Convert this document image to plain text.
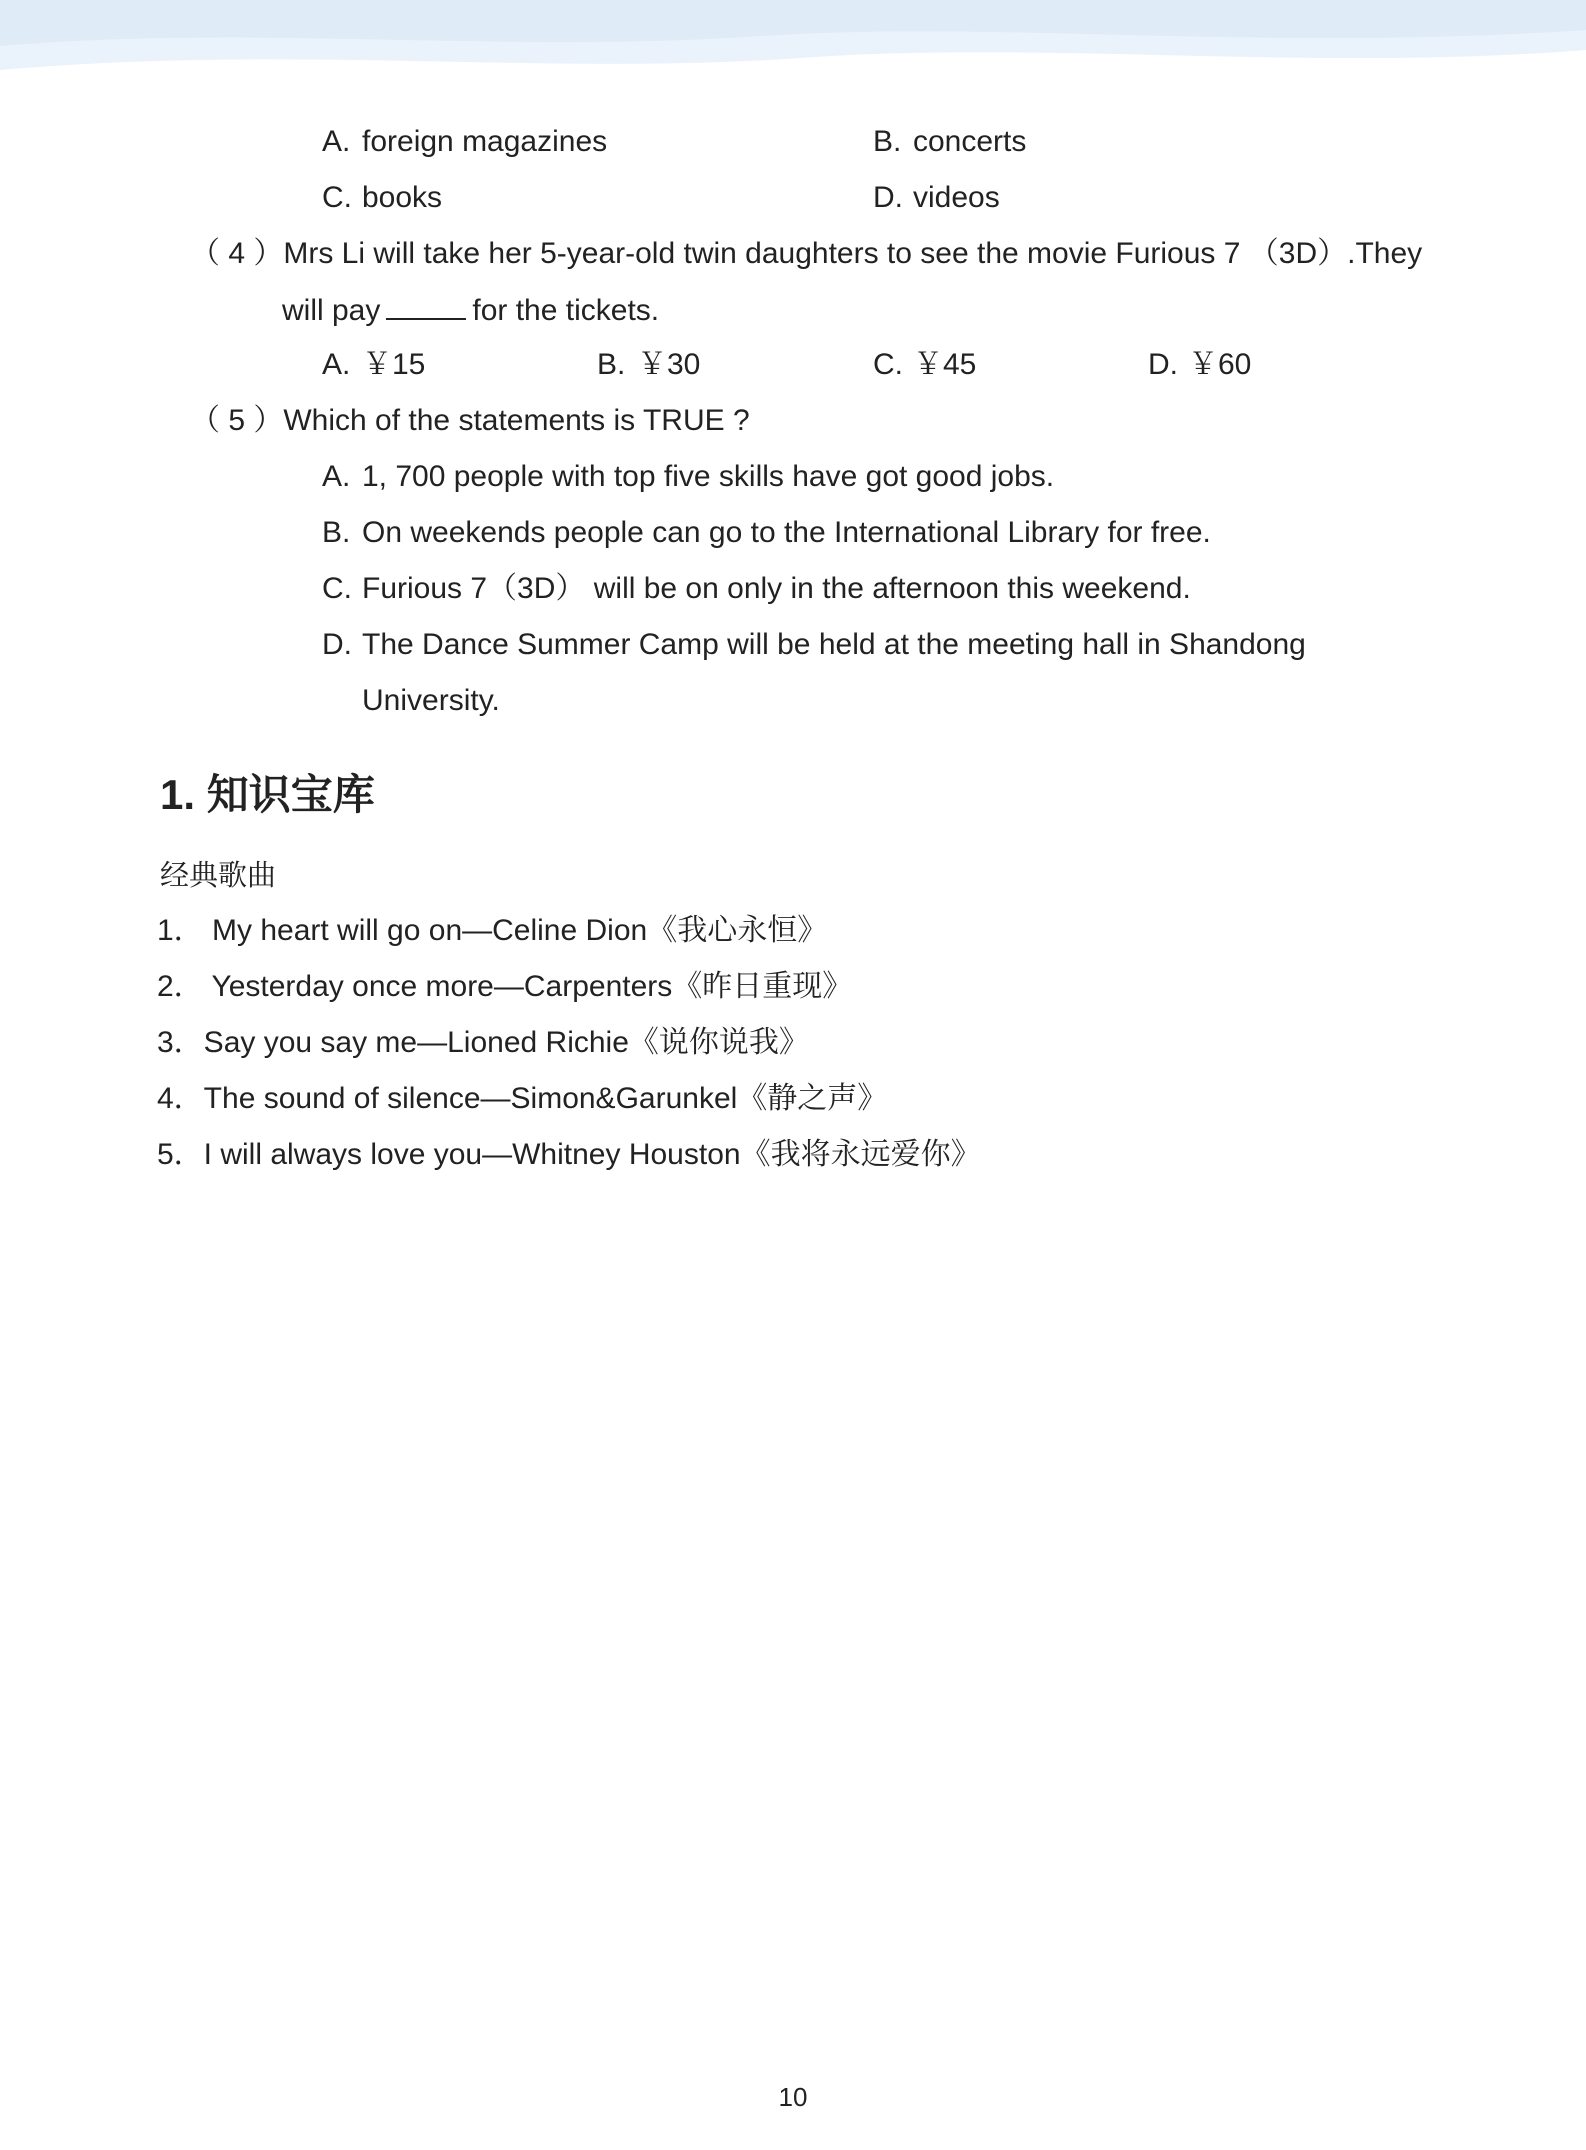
A. foreign magazines	B. concerts
C. books	D. videos
（ 4 ）Mrs Li will take her 5-year-old twin daughters to see the movie Furious 7 （3D）.They
will pay	for the tickets.
A. ￥15	B. ￥30	C. ￥45	D. ￥60
（ 5 ）Which of the statements is TRUE ?
A. 1, 700 people with top five skills have got good jobs.
B. On weekends people can go to the International Library for free.
C. Furious 7（3D） will be on only in the afternoon this weekend.
D. The Dance Summer Camp will be held at the meeting hall in Shandong
University.
1. 知识宝库
经典歌曲
1． My heart will go on—Celine Dion《我心永恒》
2． Yesterday once more—Carpenters《昨日重现》
3．Say you say me—Lioned Richie《说你说我》
4．The sound of silence—Simon&Garunkel《静之声》
5．I will always love you—Whitney Houston《我将永远爱你》
10
